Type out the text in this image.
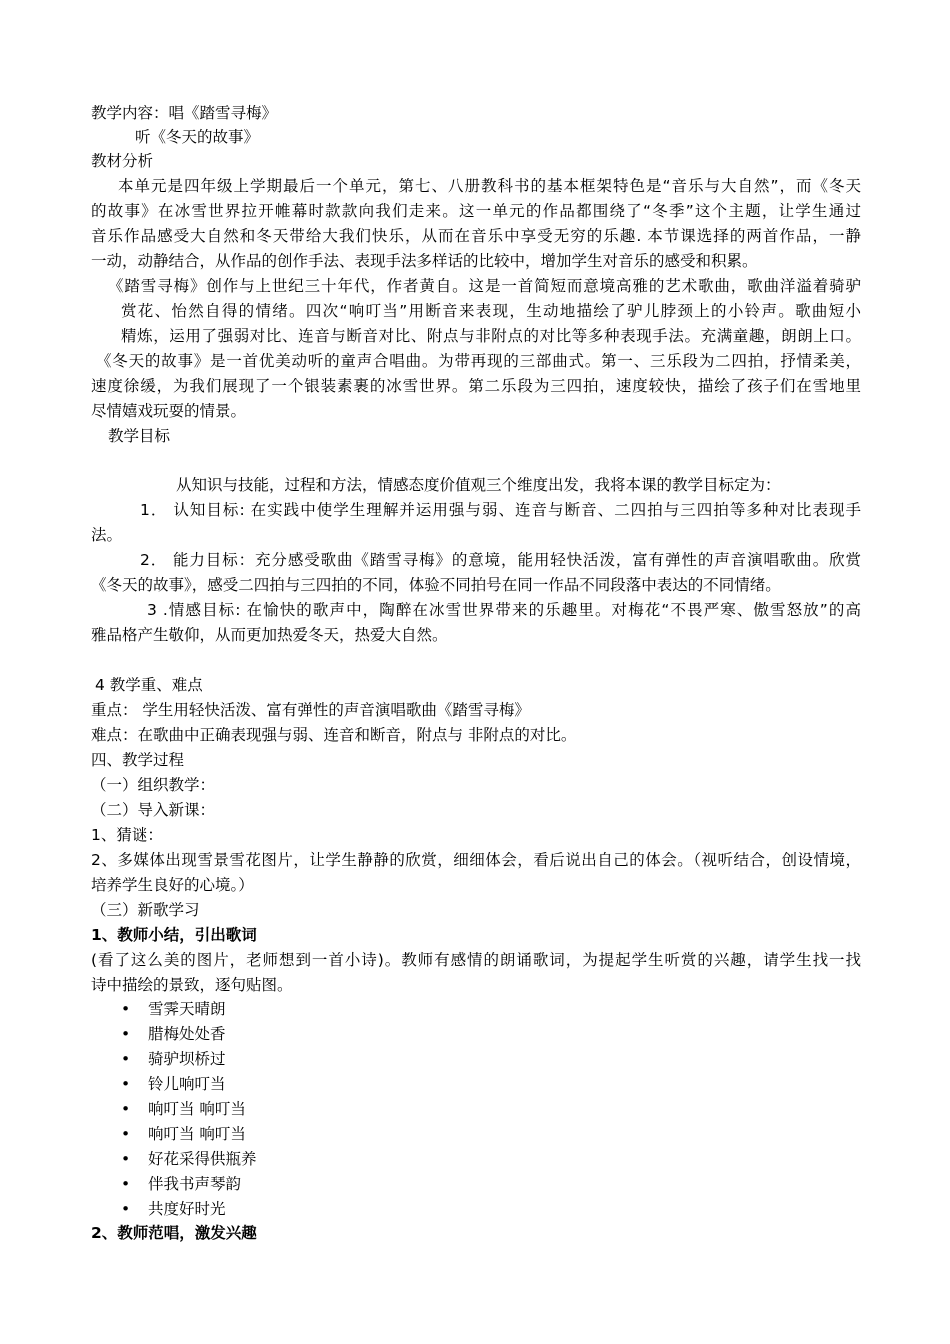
教学内容：唱《踏雪寻梅》
听《冬天的故事》
教材分析
本单元是四年级上学期最后一个单元，第七、八册教科书的基本框架特色是“音乐与大自然”，而《冬天
的故事》在冰雪世界拉开帷幕时款款向我们走来。这一单元的作品都围绕了“冬季”这个主题，让学生通过
音乐作品感受大自然和冬天带给大我们快乐，从而在音乐中享受无穷的乐趣. 本节课选择的两首作品，一静
一动，动静结合，从作品的创作手法、表现手法多样话的比较中，增加学生对音乐的感受和积累。
《踏雪寻梅》创作与上世纪三十年代，作者黄自。这是一首简短而意境高雅的艺术歌曲，歌曲洋溢着骑驴
赏花、怡然自得的情绪。四次“响叮当”用断音来表现，生动地描绘了驴儿脖颈上的小铃声。歌曲短小
精炼，运用了强弱对比、连音与断音对比、附点与非附点的对比等多种表现手法。充满童趣，朗朗上口。
《冬天的故事》是一首优美动听的童声合唱曲。为带再现的三部曲式。第一、三乐段为二四拍，抒情柔美，
速度徐缓，为我们展现了一个银装素裹的冰雪世界。第二乐段为三四拍，速度较快，描绘了孩子们在雪地里
尽情嬉戏玩耍的情景。
教学目标
从知识与技能，过程和方法，情感态度价值观三个维度出发，我将本课的教学目标定为：
1． 认知目标: 在实践中使学生理解并运用强与弱、连音与断音、二四拍与三四拍等多种对比表现手
法。
2． 能力目标：充分感受歌曲《踏雪寻梅》的意境，能用轻快活泼，富有弹性的声音演唱歌曲。欣赏
《冬天的故事》，感受二四拍与三四拍的不同，体验不同拍号在同一作品不同段落中表达的不同情绪。
3 .情感目标: 在愉快的歌声中，陶醉在冰雪世界带来的乐趣里。对梅花“不畏严寒、傲雪怒放”的高
雅品格产生敬仰，从而更加热爱冬天，热爱大自然。
4 教学重、难点
重点： 学生用轻快活泼、富有弹性的声音演唱歌曲《踏雪寻梅》
难点：在歌曲中正确表现强与弱、连音和断音，附点与 非附点的对比。
四、教学过程
（一）组织教学：
（二）导入新课：
1、猜谜：
2、多媒体出现雪景雪花图片，让学生静静的欣赏，细细体会，看后说出自己的体会。（视听结合，创设情境，
培养学生良好的心境。）
（三）新歌学习
1、教师小结，引出歌词
(看了这么美的图片，老师想到一首小诗)。教师有感情的朗诵歌词，为提起学生听赏的兴趣，请学生找一找
诗中描绘的景致，逐句贴图。
• 雪霁天晴朗
• 腊梅处处香
• 骑驴坝桥过
• 铃儿响叮当
• 响叮当 响叮当
• 响叮当 响叮当
• 好花采得供瓶养
• 伴我书声琴韵
• 共度好时光
2、教师范唱，激发兴趣
